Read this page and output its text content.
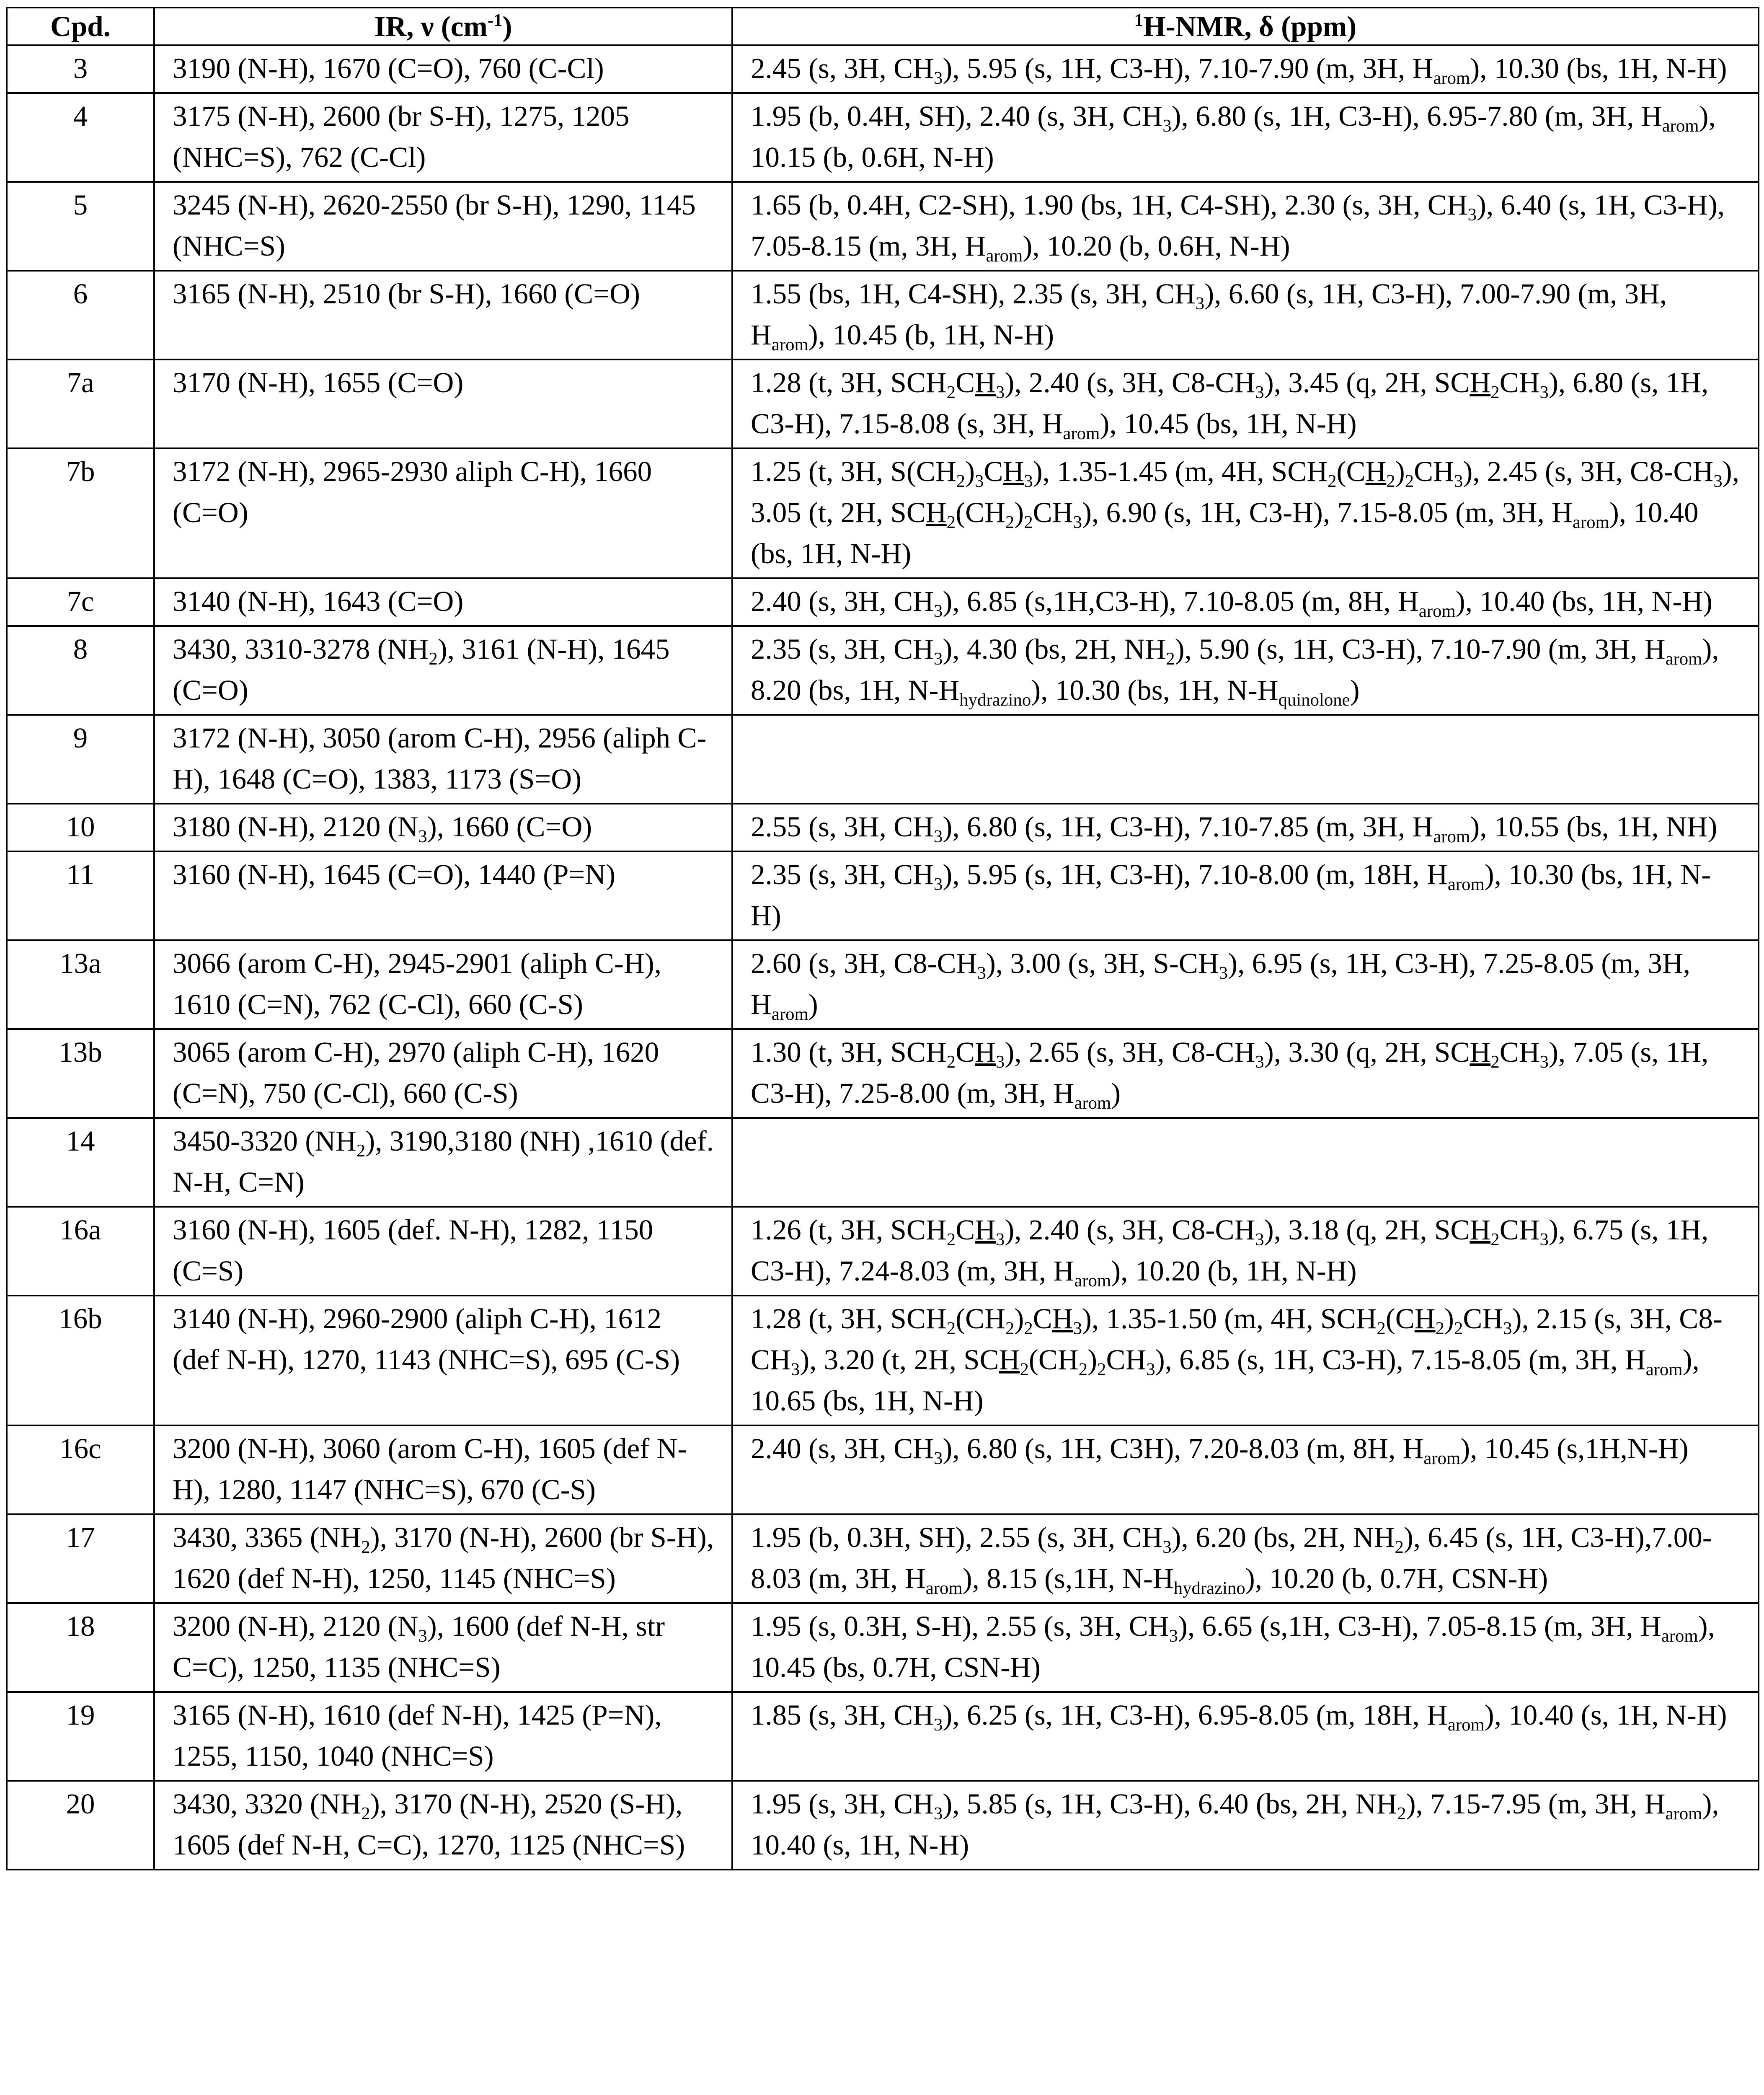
Cpd.	IR, ν $(cm^{-1})$	$^1$H-NMR, δ (ppm)
3	3190 (N-H), 1670 (C=O), 760 (C-Cl)	2.45 (s, 3H, $CH_3$), 5.95 (s, 1H, C3-H), 7.10-7.90 (m, 3H, $H_{arom}$), 10.30 (bs, 1H, N-H)
4	3175 (N-H), 2600 (br S-H), 1275, 1205 (NHC=S), 762 (C-Cl)	1.95 (b, 0.4H, SH), 2.40 (s, 3H, $CH_3$), 6.80 (s, 1H, C3-H), 6.95-7.80 (m, 3H, $H_{arom}$), 10.15 (b, 0.6H, N-H)
5	3245 (N-H), 2620-2550 (br S-H), 1290, 1145 (NHC=S)	1.65 (b, 0.4H, C2-SH), 1.90 (bs, 1H, C4-SH), 2.30 (s, 3H, $CH_3$), 6.40 (s, 1H, C3-H), 7.05-8.15 (m, 3H, $H_{arom}$), 10.20 (b, 0.6H, N-H)
6	3165 (N-H), 2510 (br S-H), 1660 (C=O)	1.55 (bs, 1H, C4-SH), 2.35 (s, 3H, $CH_3$), 6.60 (s, 1H, C3-H), 7.00-7.90 (m, 3H, $H_{arom}$), 10.45 (b, 1H, N-H)
7a	3170 (N-H), 1655 (C=O)	1.28 (t, 3H, $SCH_2CH_3$), 2.40 (s, 3H, $C8-CH_3$), 3.45 (q, 2H, $SCH_2CH_3$), 6.80 (s, 1H, C3-H), 7.15-8.08 (s, 3H, $H_{arom}$), 10.45 (bs, 1H, N-H)
7b	3172 (N-H), 2965-2930 aliph C-H), 1660 (C=O)	1.25 (t, 3H, $S(CH_2)_3CH_3$), 1.35-1.45 (m, 4H, $SCH_2(CH_2)_2CH_3$), 2.45 (s, 3H, $C8-CH_3$), 3.05 (t, 2H, $SCH_2(CH_2)_2CH_3$), 6.90 (s, 1H, C3-H), 7.15-8.05 (m, 3H, $H_{arom}$), 10.40 (bs, 1H, N-H)
7c	3140 (N-H), 1643 (C=O)	2.40 (s, 3H, $CH_3$), 6.85 (s,1H,C3-H), 7.10-8.05 (m, 8H, $H_{arom}$), 10.40 (bs, 1H, N-H)
8	3430, 3310-3278 $(NH_2)$, 3161 (N-H), 1645 (C=O)	2.35 (s, 3H, $CH_3$), 4.30 (bs, 2H, $NH_2$), 5.90 (s, 1H, C3-H), 7.10-7.90 (m, 3H, $H_{arom}$), 8.20 (bs, 1H, $N-H_{hydrazino}$), 10.30 (bs, 1H, $N-H_{quinolone}$)
9	3172 (N-H), 3050 (arom C-H), 2956 (aliph C-H), 1648 (C=O), 1383, 1173 (S=O)	
10	3180 (N-H), 2120 $(N_3)$, 1660 (C=O)	2.55 (s, 3H, $CH_3$), 6.80 (s, 1H, C3-H), 7.10-7.85 (m, 3H, $H_{arom}$), 10.55 (bs, 1H, NH)
11	3160 (N-H), 1645 (C=O), 1440 (P=N)	2.35 (s, 3H, $CH_3$), 5.95 (s, 1H, C3-H), 7.10-8.00 (m, 18H, $H_{arom}$), 10.30 (bs, 1H, N-H)
13a	3066 (arom C-H), 2945-2901 (aliph C-H), 1610 (C=N), 762 (C-Cl), 660 (C-S)	2.60 (s, 3H, $C8-CH_3$), 3.00 (s, 3H, $S-CH_3$), 6.95 (s, 1H, C3-H), 7.25-8.05 (m, 3H, $H_{arom}$)
13b	3065 (arom C-H), 2970 (aliph C-H), 1620 (C=N), 750 (C-Cl), 660 (C-S)	1.30 (t, 3H, $SCH_2CH_3$), 2.65 (s, 3H, $C8-CH_3$), 3.30 (q, 2H, $SCH_2CH_3$), 7.05 (s, 1H, C3-H), 7.25-8.00 (m, 3H, $H_{arom}$)
14	3450-3320 $(NH_2)$, 3190,3180 (NH) ,1610 (def. N-H, C=N)	
16a	3160 (N-H), 1605 (def. N-H), 1282, 1150 (C=S)	1.26 (t, 3H, $SCH_2CH_3$), 2.40 (s, 3H, $C8-CH_3$), 3.18 (q, 2H, $SCH_2CH_3$), 6.75 (s, 1H, C3-H), 7.24-8.03 (m, 3H, $H_{arom}$), 10.20 (b, 1H, N-H)
16b	3140 (N-H), 2960-2900 (aliph C-H), 1612 (def N-H), 1270, 1143 (NHC=S), 695 (C-S)	1.28 (t, 3H, $SCH_2(CH_2)_2CH_3$), 1.35-1.50 (m, 4H, $SCH_2(CH_2)_2CH_3$), 2.15 (s, 3H, $C8-CH_3$), 3.20 (t, 2H, $SCH_2(CH_2)_2CH_3$), 6.85 (s, 1H, C3-H), 7.15-8.05 (m, 3H, $H_{arom}$), 10.65 (bs, 1H, N-H)
16c	3200 (N-H), 3060 (arom C-H), 1605 (def N-H), 1280, 1147 (NHC=S), 670 (C-S)	2.40 (s, 3H, $CH_3$), 6.80 (s, 1H, C3H), 7.20-8.03 (m, 8H, $H_{arom}$), 10.45 (s,1H,N-H)
17	3430, 3365 $(NH_2)$, 3170 (N-H), 2600 (br S-H), 1620 (def N-H), 1250, 1145 (NHC=S)	1.95 (b, 0.3H, SH), 2.55 (s, 3H, $CH_3$), 6.20 (bs, 2H, $NH_2$), 6.45 (s, 1H, C3-H),7.00-8.03 (m, 3H, $H_{arom}$), 8.15 (s,1H, $N-H_{hydrazino}$), 10.20 (b, 0.7H, CSN-H)
18	3200 (N-H), 2120 $(N_3)$, 1600 (def N-H, str C=C), 1250, 1135 (NHC=S)	1.95 (s, 0.3H, S-H), 2.55 (s, 3H, $CH_3$), 6.65 (s,1H, C3-H), 7.05-8.15 (m, 3H, $H_{arom}$), 10.45 (bs, 0.7H, CSN-H)
19	3165 (N-H), 1610 (def N-H), 1425 (P=N), 1255, 1150, 1040 (NHC=S)	1.85 (s, 3H, $CH_3$), 6.25 (s, 1H, C3-H), 6.95-8.05 (m, 18H, $H_{arom}$), 10.40 (s, 1H, N-H)
20	3430, 3320 $(NH_2)$, 3170 (N-H), 2520 (S-H), 1605 (def N-H, C=C), 1270, 1125 (NHC=S)	1.95 (s, 3H, $CH_3$), 5.85 (s, 1H, C3-H), 6.40 (bs, 2H, $NH_2$), 7.15-7.95 (m, 3H, $H_{arom}$), 10.40 (s, 1H, N-H)
